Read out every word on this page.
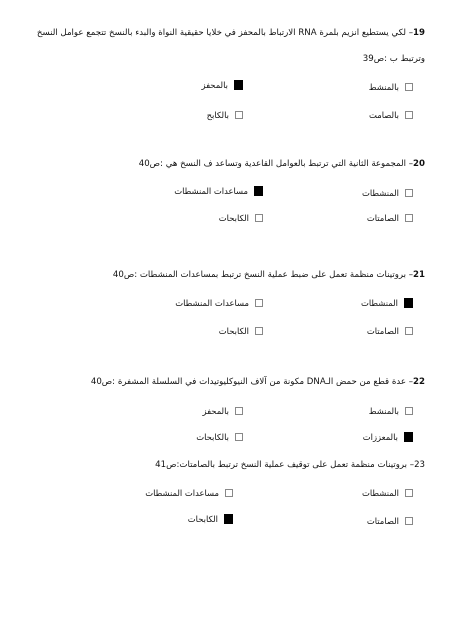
19– لكي يستطيع انزيم بلمرة RNA الارتباط بالمحفز في خلايا حقيقية النواة والبدء بالنسخ تتجمع عوامل النسخ
وترتبط ب :ص39
بالمنشط
بالمحفز
بالصامت
بالكابح
20– المجموعة الثانية التي ترتبط بالعوامل القاعدية وتساعد ف النسخ هي :ص40
المنشطات
مساعدات المنشطات
الصامتات
الكابحات
21– بروتينات منظمة تعمل على ضبط عملية النسخ ترتبط بمساعدات المنشطات :ص40
المنشطات
مساعدات المنشطات
الصامتات
الكابحات
22– عدة قطع من حمض الـDNA مكونة من آلاف النيوكليوتيدات في السلسلة المشفرة :ص40
بالمنشط
بالمحفز
بالمعززات
بالكابحات
23– بروتينات منظمة تعمل على توقيف عملية النسخ ترتبط بالصامتات:ص41
المنشطات
مساعدات المنشطات
الصامتات
الكابحات
